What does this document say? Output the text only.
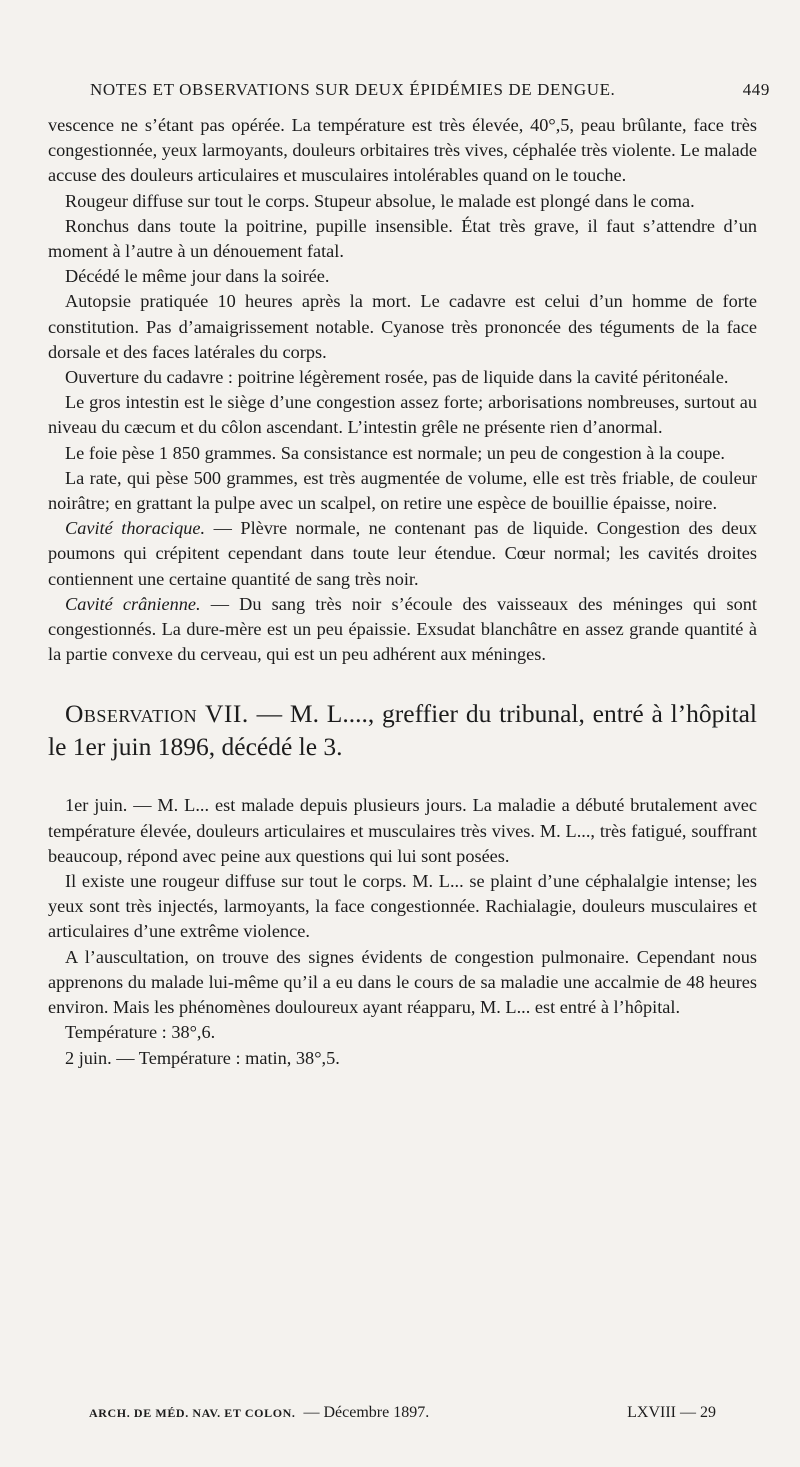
NOTES ET OBSERVATIONS SUR DEUX ÉPIDÉMIES DE DENGUE.	449

vescence ne s’étant pas opérée. La température est très élevée, 40°,5, peau brûlante, face très congestionnée, yeux larmoyants, douleurs orbitaires très vives, céphalée très violente. Le malade accuse des douleurs articulaires et musculaires intolérables quand on le touche.

Rougeur diffuse sur tout le corps. Stupeur absolue, le malade est plongé dans le coma.

Ronchus dans toute la poitrine, pupille insensible. État très grave, il faut s’attendre d’un moment à l’autre à un dénouement fatal.

Décédé le même jour dans la soirée.

Autopsie pratiquée 10 heures après la mort. Le cadavre est celui d’un homme de forte constitution. Pas d’amaigrissement notable. Cyanose très prononcée des téguments de la face dorsale et des faces latérales du corps.

Ouverture du cadavre : poitrine légèrement rosée, pas de liquide dans la cavité péritonéale.

Le gros intestin est le siège d’une congestion assez forte; arborisations nombreuses, surtout au niveau du cæcum et du côlon ascendant. L’intestin grêle ne présente rien d’anormal.

Le foie pèse 1 850 grammes. Sa consistance est normale; un peu de congestion à la coupe.

La rate, qui pèse 500 grammes, est très augmentée de volume, elle est très friable, de couleur noirâtre; en grattant la pulpe avec un scalpel, on retire une espèce de bouillie épaisse, noire.

Cavité thoracique. — Plèvre normale, ne contenant pas de liquide. Congestion des deux poumons qui crépitent cependant dans toute leur étendue. Cœur normal; les cavités droites contiennent une certaine quantité de sang très noir.

Cavité crânienne. — Du sang très noir s’écoule des vaisseaux des méninges qui sont congestionnés. La dure-mère est un peu épaissie. Exsudat blanchâtre en assez grande quantité à la partie convexe du cerveau, qui est un peu adhérent aux méninges.

Observation VII. — M. L...., greffier du tribunal, entré à l’hôpital le 1er juin 1896, décédé le 3.

1er juin. — M. L... est malade depuis plusieurs jours. La maladie a débuté brutalement avec température élevée, douleurs articulaires et musculaires très vives. M. L..., très fatigué, souffrant beaucoup, répond avec peine aux questions qui lui sont posées.

Il existe une rougeur diffuse sur tout le corps. M. L... se plaint d’une céphalalgie intense; les yeux sont très injectés, larmoyants, la face congestionnée. Rachialagie, douleurs musculaires et articulaires d’une extrême violence.

A l’auscultation, on trouve des signes évidents de congestion pulmonaire. Cependant nous apprenons du malade lui-même qu’il a eu dans le cours de sa maladie une accalmie de 48 heures environ. Mais les phénomènes douloureux ayant réapparu, M. L... est entré à l’hôpital.

Température : 38°,6.

2 juin. — Température : matin, 38°,5.

ARCH. DE MÉD. NAV. ET COLON. — Décembre 1897.	LXVIII — 29
